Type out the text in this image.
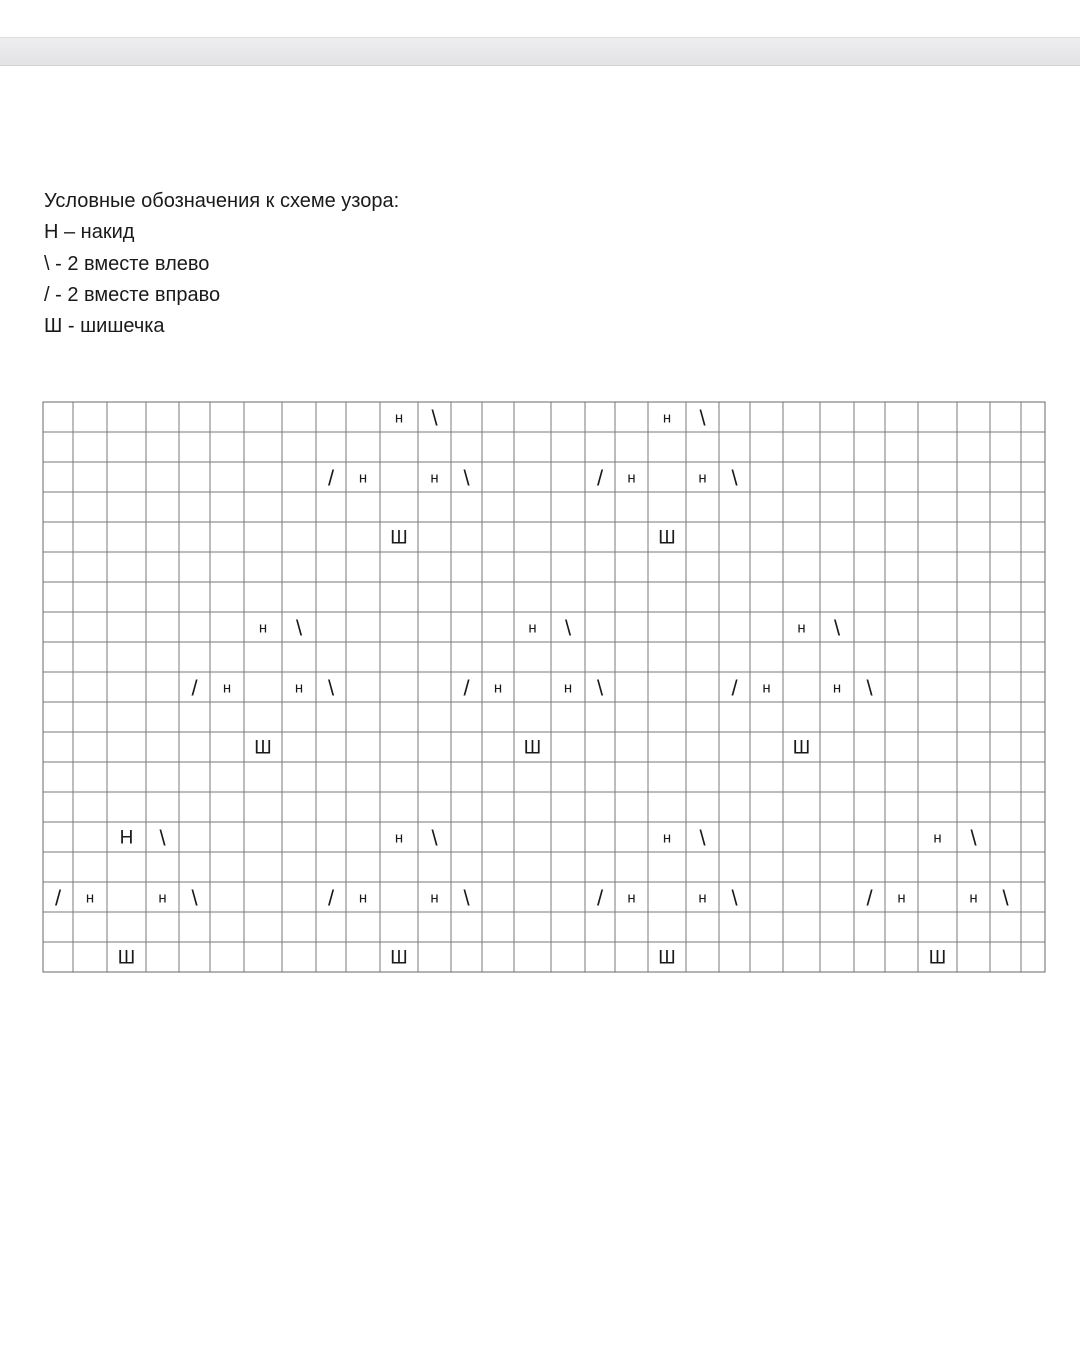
Условные обозначения к схеме узора:
Н – накид
\ - 2 вместе влево
/ - 2 вместе вправо
Ш - шишечка
н \	н \
/ н	н \	/ н	н \
Ш	Ш
н \	н \	н \
/ н	н \	/ н	н \	/ н	н \
Ш	Ш	Ш
Н \	н \	н \	н \
/ н	н \	/ н	н \	/ н	н \	/ н	н \
Ш	Ш	Ш	Ш
